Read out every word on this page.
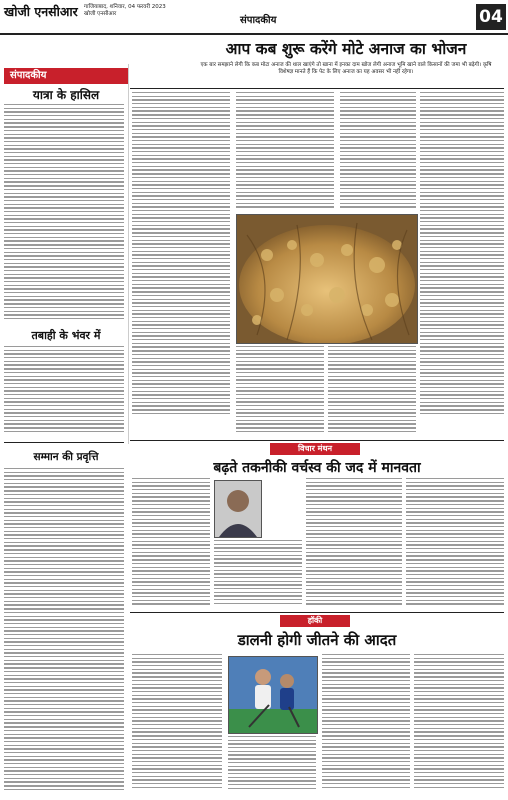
खोजी एनसीआर गाजियाबाद, शनिवार, 04 फरवरी 2023
खोजी एनसीआर
संपादकीय	04
आप कब शुरू करेंगे मोटे अनाज का भोजन
एक बार समझाने लेगी कि कब मोटा अनाज की थाल खाएंगे तो खाना में इनका दाम खोज लेगी अनाज भूमि खाने वाले किसानों की जमा भी बढ़ेगी। कृषि विशेषज्ञ मानते हैं कि पेट के लिए अनाज का यह अवसर भी नहीं रहेगा।
संपादकीय
यात्रा के हासिल
तबाही के भंवर में
विचार मंथन
बढ़ते तकनीकी वर्चस्व की जद में मानवता
सम्मान की प्रवृत्ति
हॉकी
डालनी होगी जीतने की आदत
